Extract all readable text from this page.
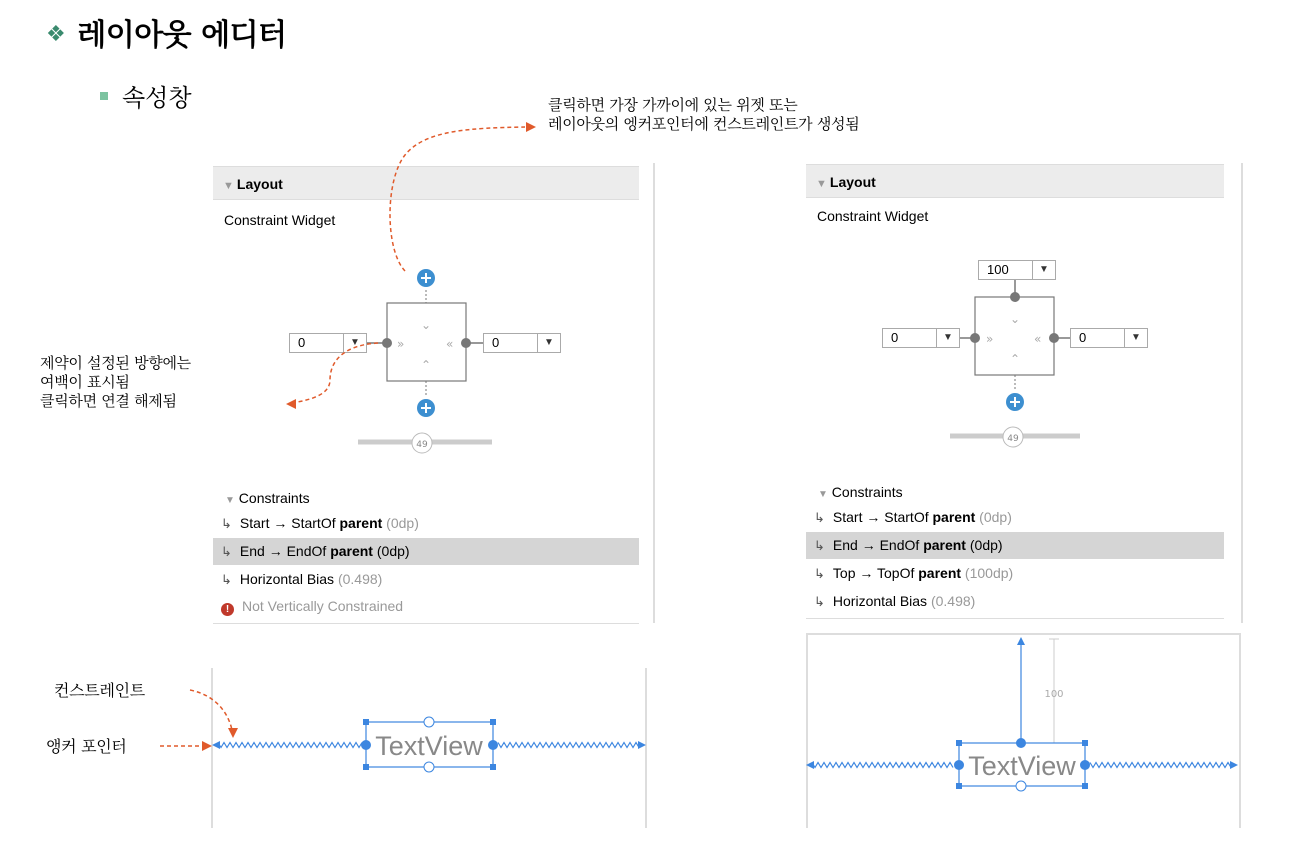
❖ 레이아웃 에디터
속성창	클릭하면 가장 가까이에 있는 위젯 또는
레이아웃의 엥커포인터에 컨스트레인트가 생성됨
제약이 설정된 방향에는
여백이 표시됨
클릭하면 연결 해제됨
컨스트레인트
앵커 포인터
▼ Layout
Constraint Widget
0	▼	0	▼
»	«
⌄
⌃
49
▼ Constraints
↳ Start → StartOf parent (0dp)
↳ End → EndOf parent (0dp)
↳ Horizontal Bias (0.498)
! Not Vertically Constrained
▼ Layout
Constraint Widget
100	▼
0	▼	0	▼
»	«
⌄
⌃
49
▼ Constraints
↳ Start → StartOf parent (0dp)
↳ End → EndOf parent (0dp)
↳ Top → TopOf parent (100dp)
↳ Horizontal Bias (0.498)
TextView
100
TextView
